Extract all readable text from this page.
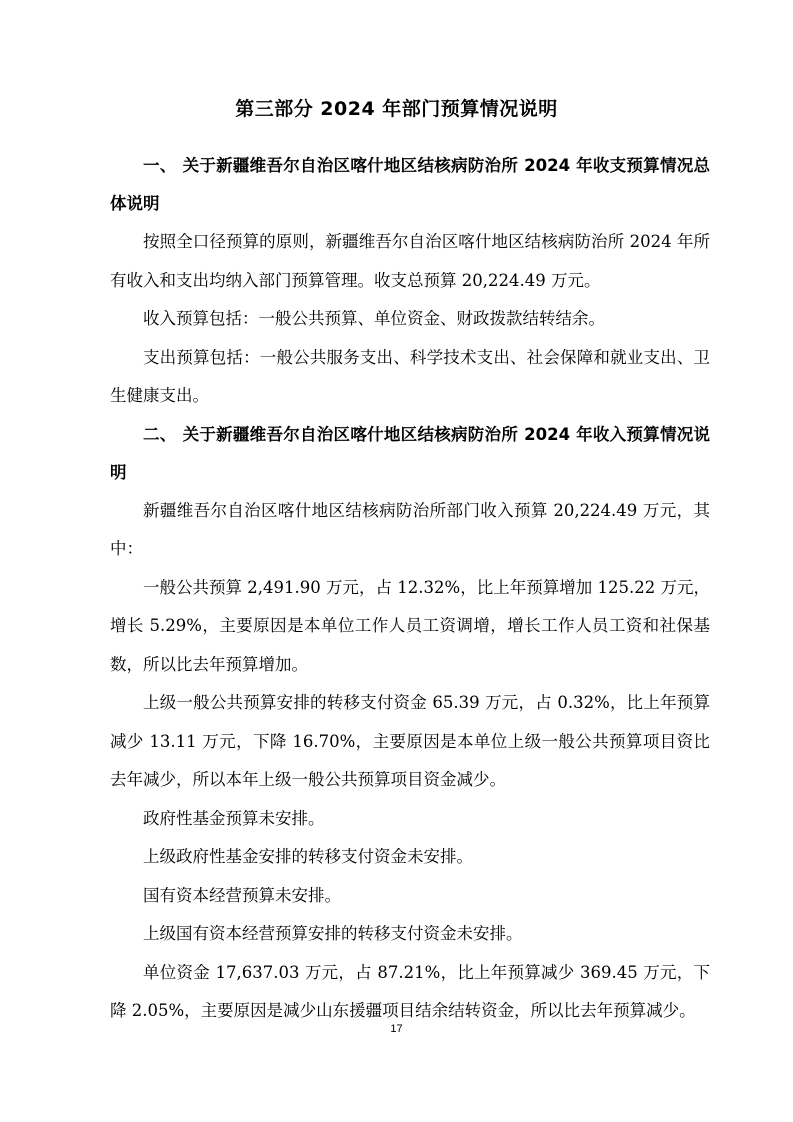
第三部分 2024 年部门预算情况说明

一、 关于新疆维吾尔自治区喀什地区结核病防治所 2024 年收支预算情况总体说明

按照全口径预算的原则，新疆维吾尔自治区喀什地区结核病防治所 2024 年所有收入和支出均纳入部门预算管理。收支总预算 20,224.49 万元。

收入预算包括：一般公共预算、单位资金、财政拨款结转结余。

支出预算包括：一般公共服务支出、科学技术支出、社会保障和就业支出、卫生健康支出。

二、 关于新疆维吾尔自治区喀什地区结核病防治所 2024 年收入预算情况说明

新疆维吾尔自治区喀什地区结核病防治所部门收入预算 20,224.49 万元，其中：

一般公共预算 2,491.90 万元，占 12.32%，比上年预算增加 125.22 万元，增长 5.29%，主要原因是本单位工作人员工资调增，增长工作人员工资和社保基数，所以比去年预算增加。

上级一般公共预算安排的转移支付资金 65.39 万元，占 0.32%，比上年预算减少 13.11 万元，下降 16.70%，主要原因是本单位上级一般公共预算项目资比去年减少，所以本年上级一般公共预算项目资金减少。

政府性基金预算未安排。

上级政府性基金安排的转移支付资金未安排。

国有资本经营预算未安排。

上级国有资本经营预算安排的转移支付资金未安排。

单位资金 17,637.03 万元，占 87.21%，比上年预算减少 369.45 万元，下降 2.05%，主要原因是减少山东援疆项目结余结转资金，所以比去年预算减少。

17
